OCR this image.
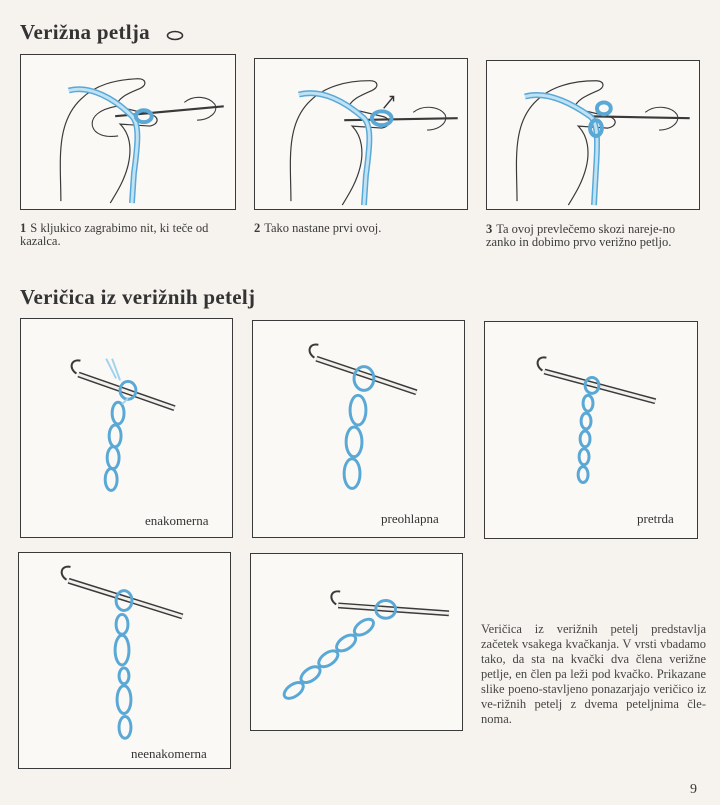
Verižna petlja
1 S kljukico zagrabimo nit, ki teče od kazalca.
2 Tako nastane prvi ovoj.	3 Ta ovoj prevlečemo skozi nareje-no zanko in dobimo prvo verižno petljo.
Veričica iz verižnih petelj
enakomerna	preohlapna	pretrda
neenakomerna
Veričica iz verižnih petelj predstavlja začetek vsakega kvačkanja. V vrsti vbadamo tako, da sta na kvački dva člena verižne petlje, en člen pa leži pod kvačko. Prikazane slike poeno-stavljeno ponazarjajo veričico iz ve-rižnih petelj z dvema peteljnima čle-noma.
9
